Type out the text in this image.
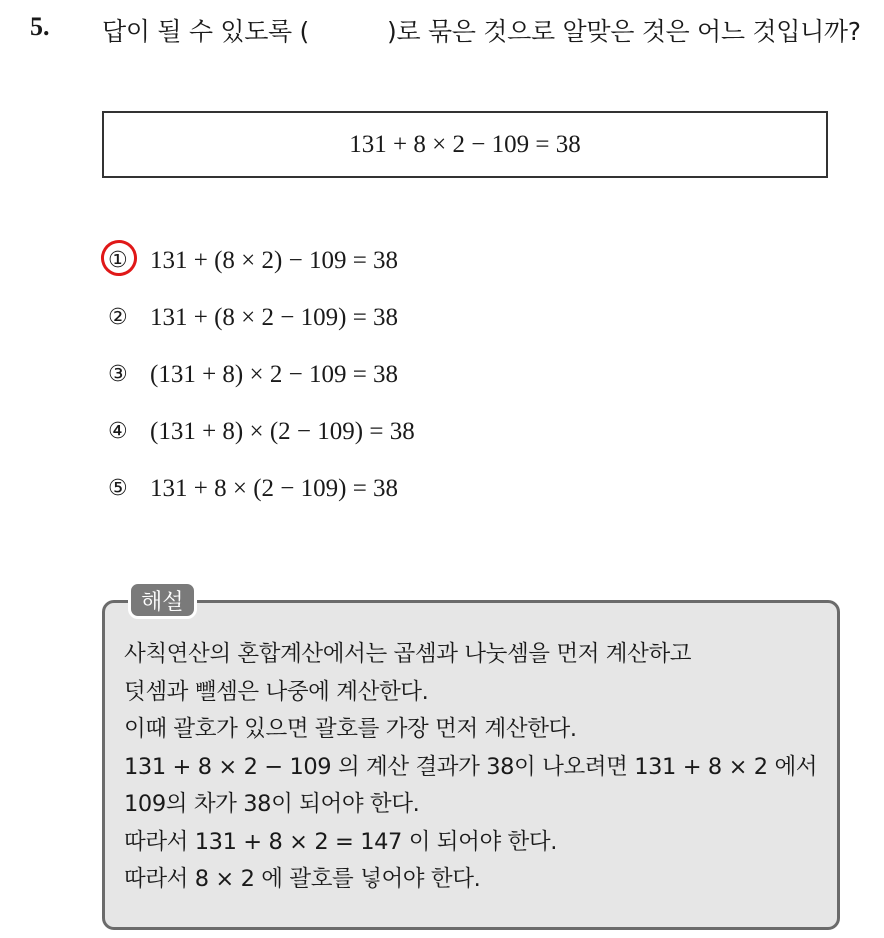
5. 답이 될 수 있도록 (	)로 묶은 것으로 알맞은 것은 어느 것입니까?
131 + 8 × 2 − 109 = 38
① 131 + (8 × 2) − 109 = 38
② 131 + (8 × 2 − 109) = 38
③ (131 + 8) × 2 − 109 = 38
④ (131 + 8) × (2 − 109) = 38
⑤ 131 + 8 × (2 − 109) = 38
해설
사칙연산의 혼합계산에서는 곱셈과 나눗셈을 먼저 계산하고
덧셈과 뺄셈은 나중에 계산한다.
이때 괄호가 있으면 괄호를 가장 먼저 계산한다.
131 + 8 × 2 − 109 의 계산 결과가 38이 나오려면 131 + 8 × 2 에서
109의 차가 38이 되어야 한다.
따라서 131 + 8 × 2 = 147 이 되어야 한다.
따라서 8 × 2 에 괄호를 넣어야 한다.
